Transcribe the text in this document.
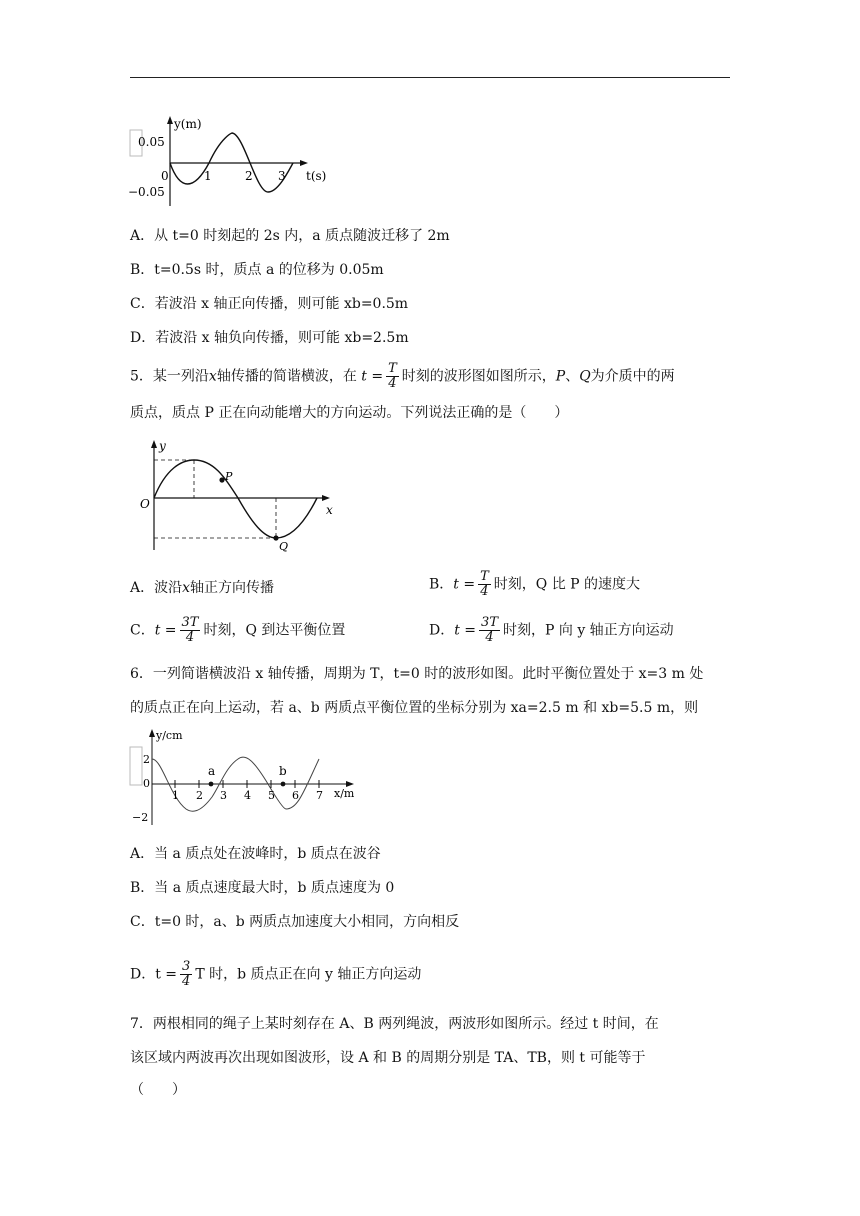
y(m)
t(s)
0.05
−0.05
0	1	2 3
A．从 t=0 时刻起的 2s 内，a 质点随波迁移了 2m
B．t=0.5s 时，质点 a 的位移为 0.05m
C．若波沿 x 轴正向传播，则可能 xb=0.5m
D．若波沿 x 轴负向传播，则可能 xb=2.5m
5．某一列沿x轴传播的简谐横波，在 $t = \frac{T}{4}$ 时刻的波形图如图所示，P、Q为介质中的两
质点，质点 P 正在向动能增大的方向运动。下列说法正确的是（　　）
y
x
O
P
Q
A．波沿x轴正方向传播	B．$t = \frac{T}{4}$ 时刻，Q 比 P 的速度大
C．$t = \frac{3T}{4}$ 时刻，Q 到达平衡位置	D．$t = \frac{3T}{4}$ 时刻，P 向 y 轴正方向运动
6．一列简谐横波沿 x 轴传播，周期为 T，t=0 时的波形如图。此时平衡位置处于 x=3 m 处
的质点正在向上运动，若 a、b 两质点平衡位置的坐标分别为 xa=2.5 m 和 xb=5.5 m，则
y/cm
x/m
2
0
−2
a	b
1 2 3 4 5 6 7
A．当 a 质点处在波峰时，b 质点在波谷
B．当 a 质点速度最大时，b 质点速度为 0
C．t=0 时，a、b 两质点加速度大小相同，方向相反
D．$t = \frac{3}{4}$ T 时，b 质点正在向 y 轴正方向运动
7．两根相同的绳子上某时刻存在 A、B 两列绳波，两波形如图所示。经过 t 时间，在
该区域内两波再次出现如图波形，设 A 和 B 的周期分别是 TA、TB，则 t 可能等于
（　　）
